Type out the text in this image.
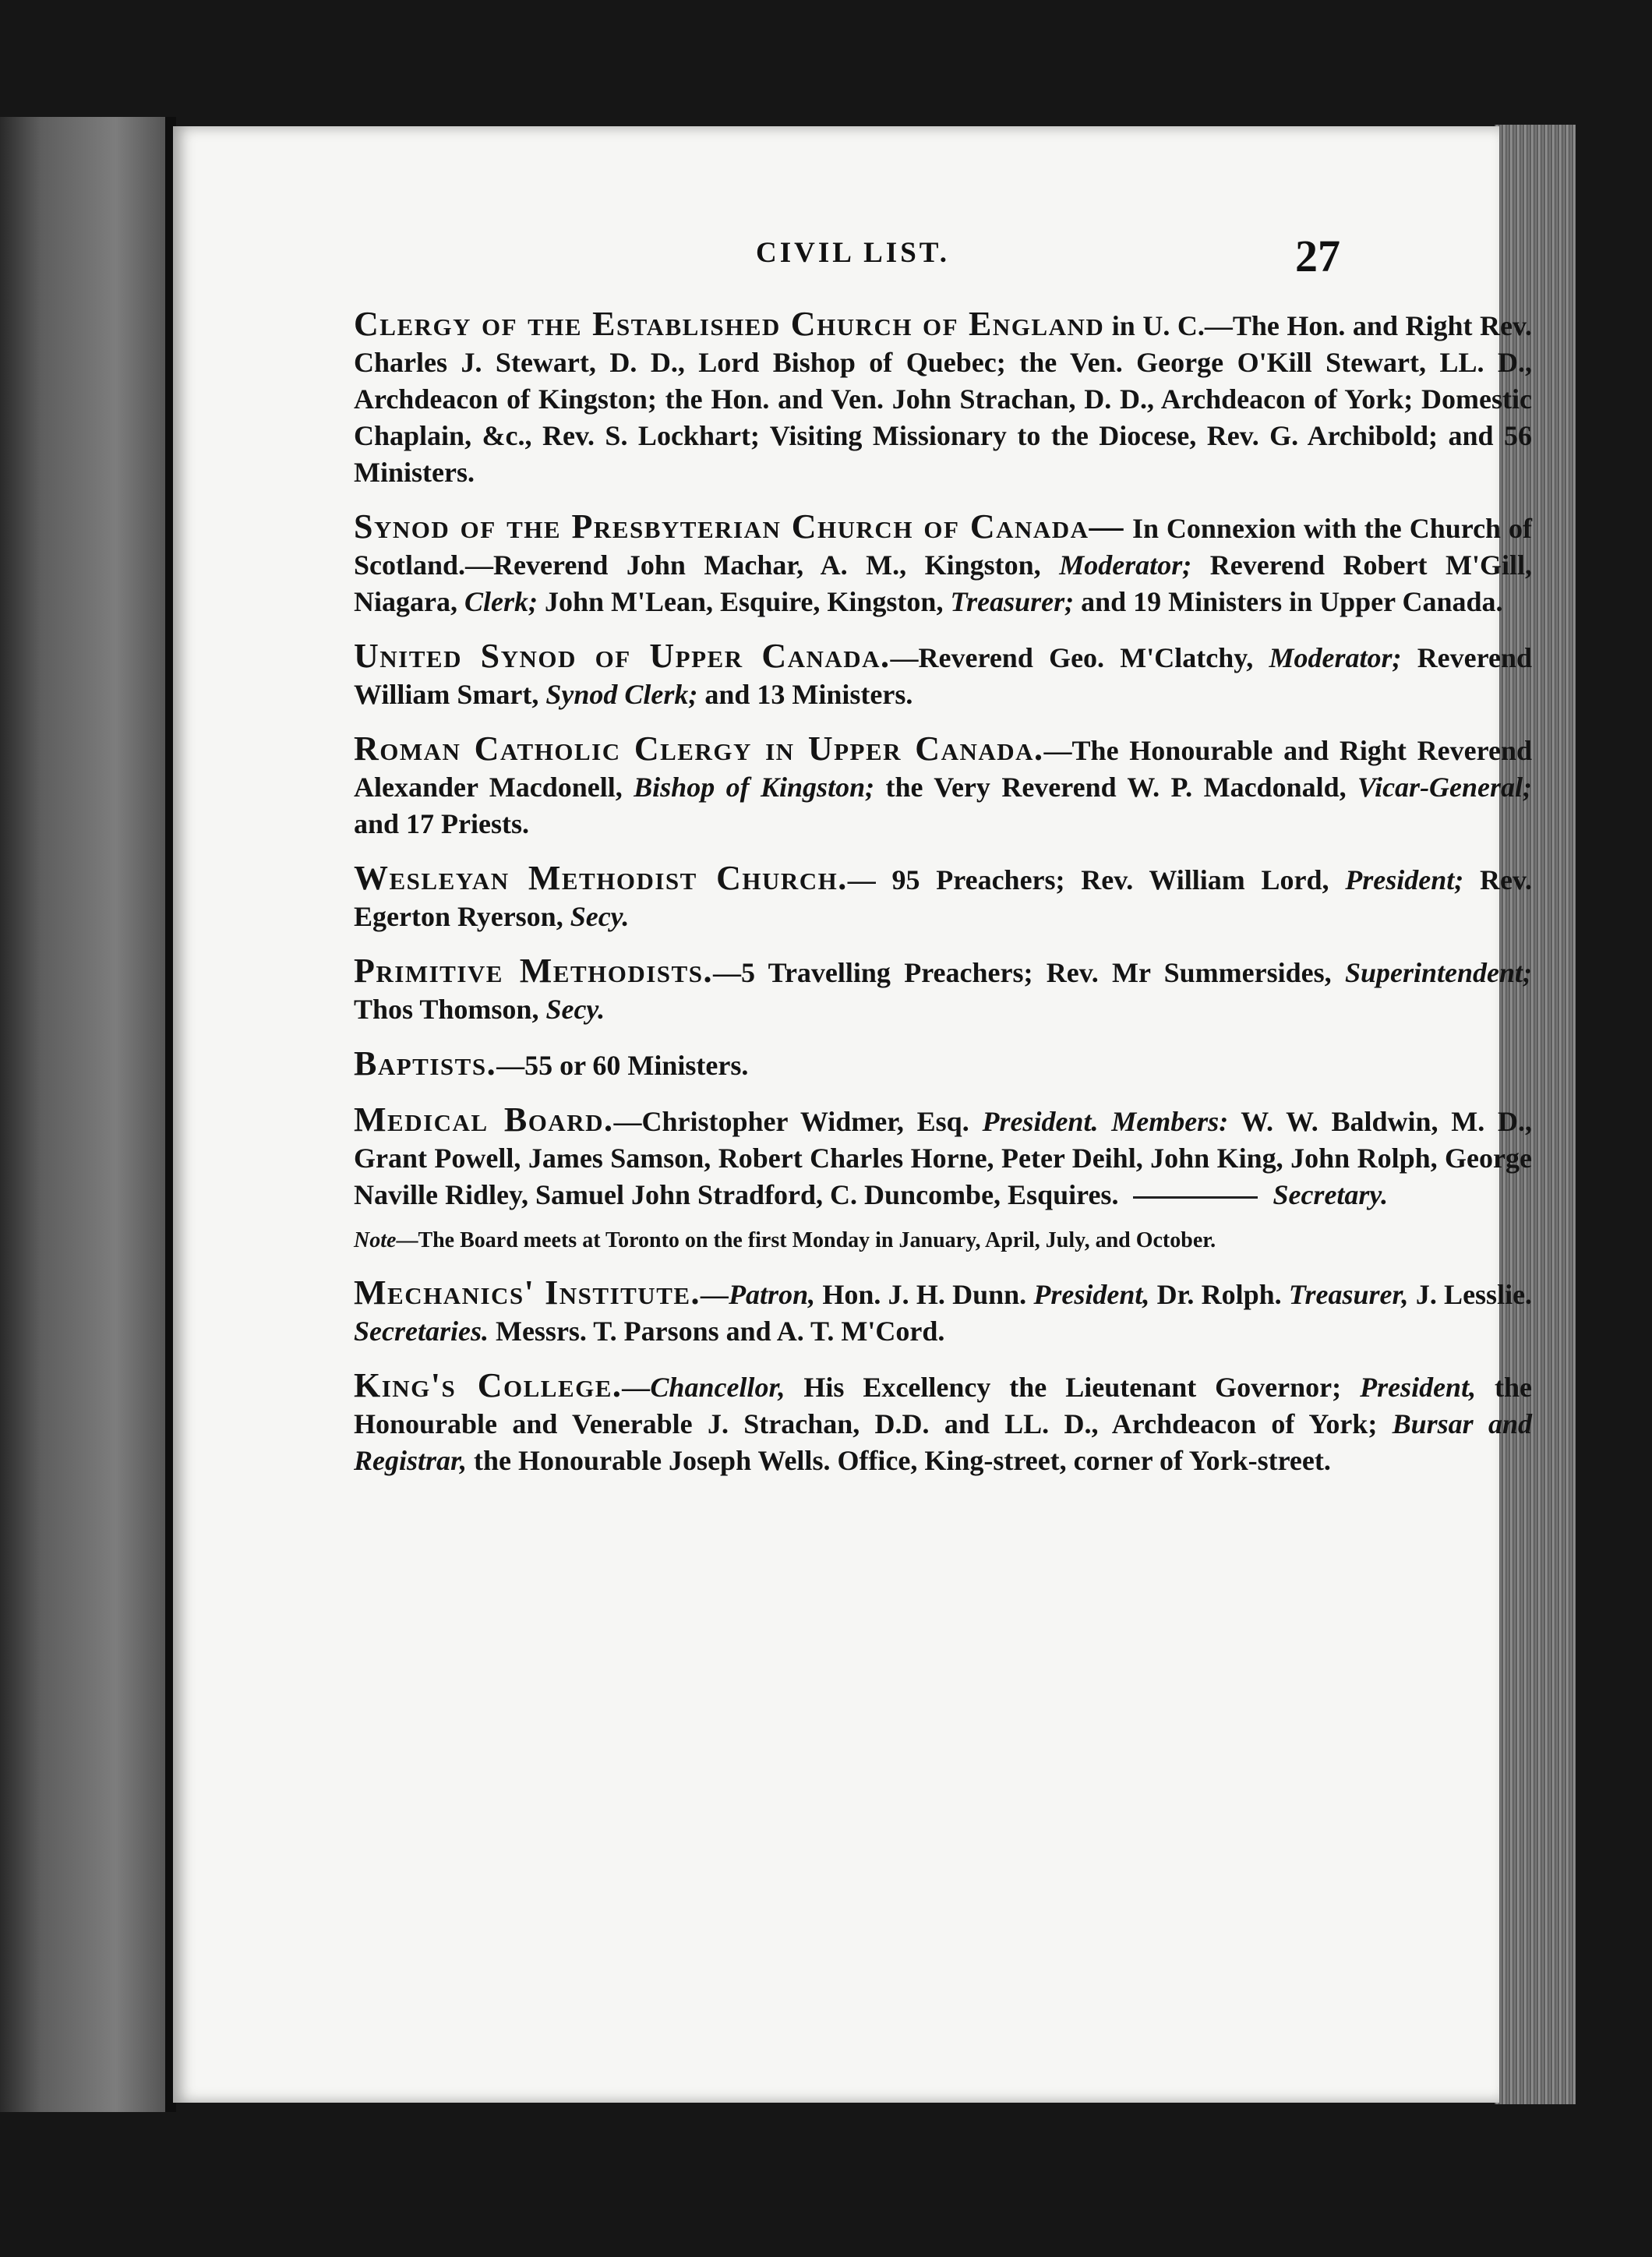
CIVIL LIST.	27

Clergy of the Established Church of England in U. C.—The Hon. and Right Rev. Charles J. Stewart, D. D., Lord Bishop of Quebec; the Ven. George O'Kill Stewart, LL. D., Archdeacon of Kingston; the Hon. and Ven. John Strachan, D. D., Archdeacon of York; Domestic Chaplain, &c., Rev. S. Lockhart; Visiting Missionary to the Diocese, Rev. G. Archibold; and 56 Ministers.

Synod of the Presbyterian Church of Canada— In Connexion with the Church of Scotland.—Reverend John Machar, A. M., Kingston, Moderator; Reverend Robert M'Gill, Niagara, Clerk; John M'Lean, Esquire, Kingston, Treasurer; and 19 Ministers in Upper Canada.

United Synod of Upper Canada.—Reverend Geo. M'Clatchy, Moderator; Reverend William Smart, Synod Clerk; and 13 Ministers.

Roman Catholic Clergy in Upper Canada.—The Honourable and Right Reverend Alexander Macdonell, Bishop of Kingston; the Very Reverend W. P. Macdonald, Vicar-General; and 17 Priests.

Wesleyan Methodist Church.— 95 Preachers; Rev. William Lord, President; Rev. Egerton Ryerson, Secy.

Primitive Methodists.—5 Travelling Preachers; Rev. Mr Summersides, Superintendent; Thos Thomson, Secy.

Baptists.—55 or 60 Ministers.

Medical Board.—Christopher Widmer, Esq. President. Members: W. W. Baldwin, M. D., Grant Powell, James Samson, Robert Charles Horne, Peter Deihl, John King, John Rolph, George Naville Ridley, Samuel John Stradford, C. Duncombe, Esquires.	Secretary.

Note—The Board meets at Toronto on the first Monday in January, April, July, and October.

Mechanics' Institute.—Patron, Hon. J. H. Dunn. President, Dr. Rolph. Treasurer, J. Lesslie. Secretaries. Messrs. T. Parsons and A. T. M'Cord.

King's College.—Chancellor, His Excellency the Lieutenant Governor; President, the Honourable and Venerable J. Strachan, D.D. and LL. D., Archdeacon of York; Bursar and Registrar, the Honourable Joseph Wells. Office, King-street, corner of York-street.
